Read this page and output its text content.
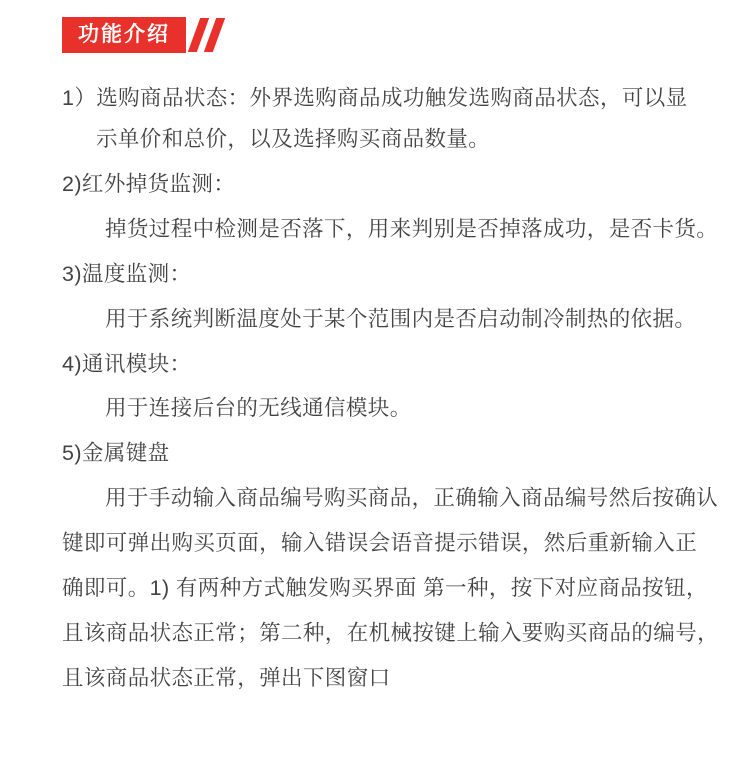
功能介绍

1）选购商品状态：外界选购商品成功触发选购商品状态，可以显

示单价和总价，以及选择购买商品数量。

2)红外掉货监测：

掉货过程中检测是否落下，用来判别是否掉落成功，是否卡货。

3)温度监测：

用于系统判断温度处于某个范围内是否启动制冷制热的依据。

4)通讯模块：

用于连接后台的无线通信模块。

5)金属键盘

用于手动输入商品编号购买商品，正确输入商品编号然后按确认

键即可弹出购买页面，输入错误会语音提示错误，然后重新输入正

确即可。1) 有两种方式触发购买界面 第一种，按下对应商品按钮，

且该商品状态正常；第二种，在机械按键上输入要购买商品的编号，

且该商品状态正常，弹出下图窗口
